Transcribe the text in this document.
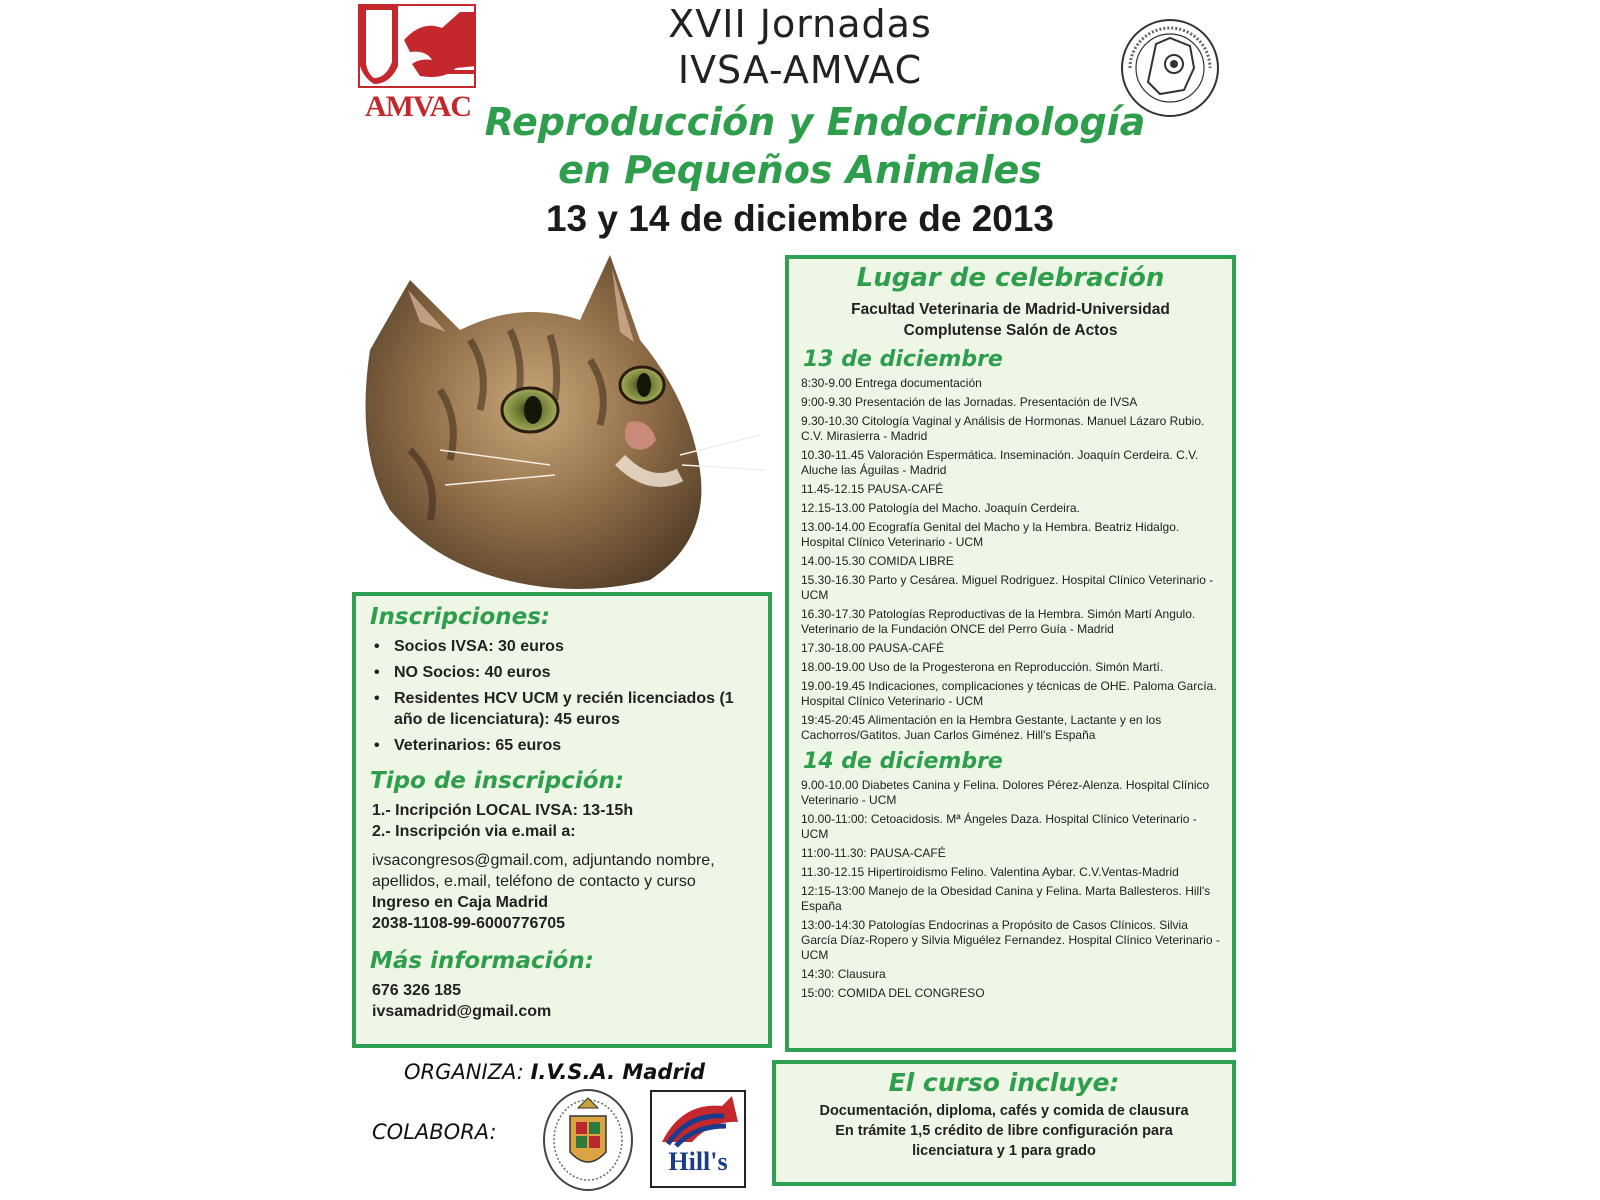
AMVAC
XVII Jornadas
IVSA-AMVAC
Reproducción y Endocrinología
en Pequeños Animales
13 y 14 de diciembre de 2013
Lugar de celebración
Facultad Veterinaria de Madrid-Universidad
Complutense Salón de Actos
13 de diciembre
8:30-9.00 Entrega documentación
9:00-9.30 Presentación de las Jornadas. Presentación de IVSA
9.30-10.30 Citología Vaginal y Análisis de Hormonas. Manuel Lázaro Rubio. C.V. Mirasierra - Madrid
10.30-11.45 Valoración Espermática. Inseminación. Joaquín Cerdeira. C.V. Aluche las Águilas - Madrid
11.45-12.15 PAUSA-CAFÉ
12.15-13.00 Patología del Macho. Joaquín Cerdeira.
13.00-14.00 Ecografía Genital del Macho y la Hembra. Beatriz Hidalgo. Hospital Clínico Veterinario - UCM
14.00-15.30 COMIDA LIBRE
15.30-16.30 Parto y Cesárea. Miguel Rodriguez. Hospital Clínico Veterinario - UCM
16.30-17.30 Patologías Reproductivas de la Hembra. Simón Martí Angulo. Veterinario de la Fundación ONCE del Perro Guía - Madrid
17.30-18.00 PAUSA-CAFÉ
18.00-19.00 Uso de la Progesterona en Reproducción. Simón Martí.
19.00-19.45 Indicaciones, complicaciones y técnicas de OHE. Paloma García. Hospital Clínico Veterinario - UCM
19:45-20:45 Alimentación en la Hembra Gestante, Lactante y en los Cachorros/Gatitos. Juan Carlos Giménez. Hill's España
14 de diciembre
9.00-10.00 Diabetes Canina y Felina. Dolores Pérez-Alenza. Hospital Clínico Veterinario - UCM
10.00-11:00: Cetoacidosis. Mª Ángeles Daza. Hospital Clínico Veterinario - UCM
11:00-11.30: PAUSA-CAFÉ
11.30-12.15 Hipertiroidismo Felino. Valentina Aybar. C.V.Ventas-Madrid
12:15-13:00 Manejo de la Obesidad Canina y Felina. Marta Ballesteros. Hill's España
13:00-14:30 Patologías Endocrinas a Propósito de Casos Clínicos. Silvia García Díaz-Ropero y Silvia Miguélez Fernandez. Hospital Clínico Veterinario - UCM
14:30: Clausura
15:00: COMIDA DEL CONGRESO
Inscripciones:
• Socios IVSA: 30 euros
• NO Socios: 40 euros
• Residentes HCV UCM y recién licenciados (1 año de licenciatura): 45 euros
• Veterinarios: 65 euros
Tipo de inscripción:
1.- Incripción LOCAL IVSA: 13-15h
2.- Inscripción via e.mail a:
ivsacongresos@gmail.com, adjuntando nombre, apellidos, e.mail, teléfono de contacto y curso
Ingreso en Caja Madrid
2038-1108-99-6000776705
Más información:
676 326 185
ivsamadrid@gmail.com
El curso incluye:
Documentación, diploma, cafés y comida de clausura
En trámite 1,5 crédito de libre configuración para
licenciatura y 1 para grado
ORGANIZA: I.V.S.A. Madrid
COLABORA:
Hill's
